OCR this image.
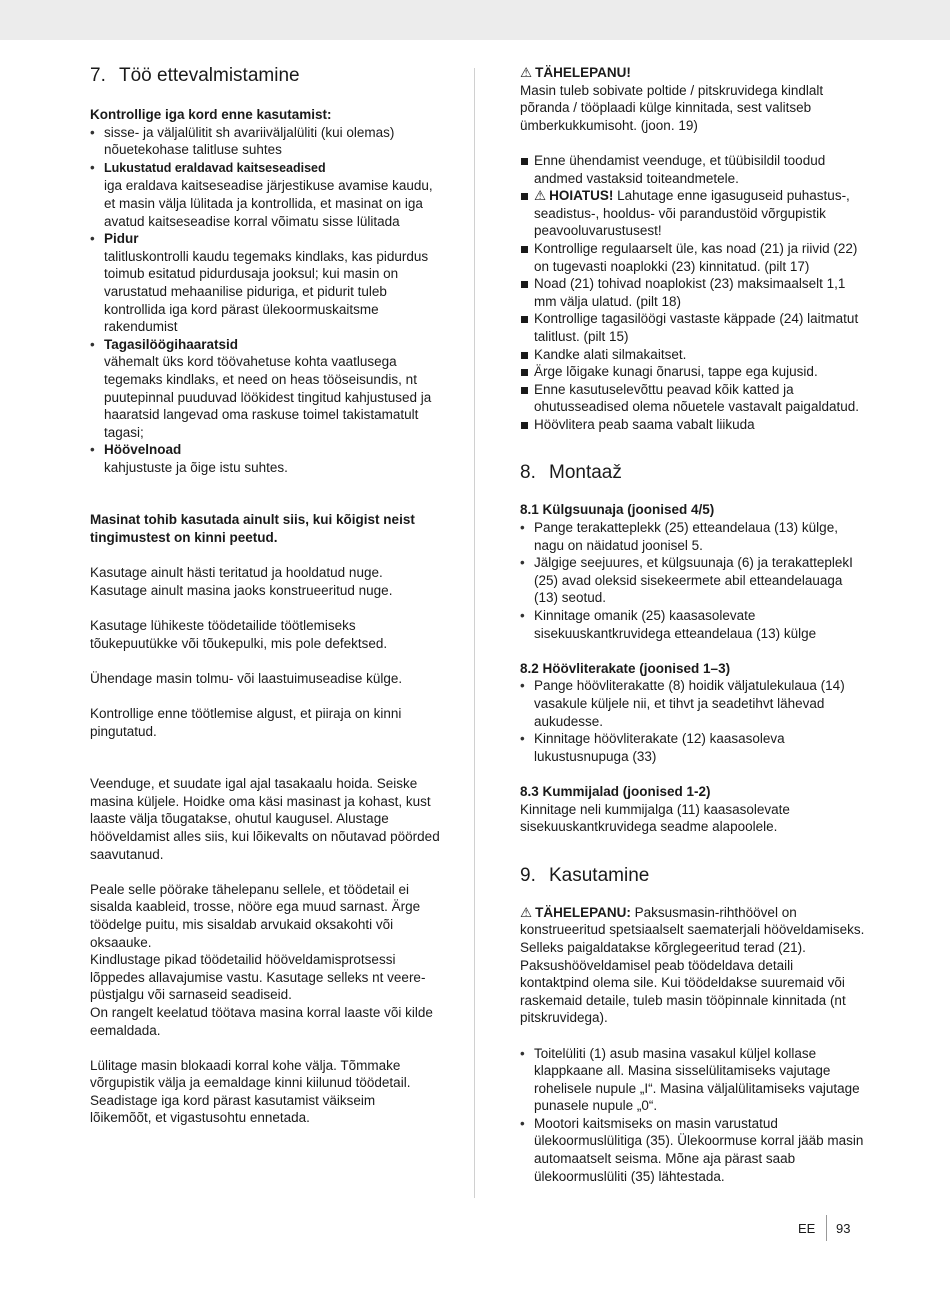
7. Töö ettevalmistamine

Kontrollige iga kord enne kasutamist:

• sisse- ja väljalülitit sh avariiväljalüliti (kui olemas) nõuetekohase talitluse suhtes
• Lukustatud eraldavad kaitseseadised
iga eraldava kaitseseadise järjestikuse avamise kaudu, et masin välja lülitada ja kontrollida, et masinat on iga avatud kaitseseadise korral võimatu sisse lülitada
• Pidur
talitluskontrolli kaudu tegemaks kindlaks, kas pidurdus toimub esitatud pidurdusaja jooksul; kui masin on varustatud mehaanilise piduriga, et pidurit tuleb kontrollida iga kord pärast ülekoormuskaitsme rakendumist
• Tagasilöögihaaratsid
vähemalt üks kord töövahetuse kohta vaatlusega tegemaks kindlaks, et need on heas tööseisundis, nt puutepinnal puuduvad löökidest tingitud kahjustused ja haaratsid langevad oma raskuse toimel takistamatult tagasi;
• Höövelnoad
kahjustuste ja õige istu suhtes.

Masinat tohib kasutada ainult siis, kui kõigist neist tingimustest on kinni peetud.

Kasutage ainult hästi teritatud ja hooldatud nuge. Kasutage ainult masina jaoks konstrueeritud nuge.

Kasutage lühikeste töödetailide töötlemiseks tõukepuutükke või tõukepulki, mis pole defektsed.

Ühendage masin tolmu- või laastuimuseadise külge.

Kontrollige enne töötlemise algust, et piiraja on kinni pingutatud.

Veenduge, et suudate igal ajal tasakaalu hoida. Seiske masina küljele. Hoidke oma käsi masinast ja kohast, kust laaste välja tõugatakse, ohutul kaugusel. Alustage hööveldamist alles siis, kui lõikevalts on nõutavad pöörded saavutanud.

Peale selle pöörake tähelepanu sellele, et töödetail ei sisalda kaableid, trosse, nööre ega muud sarnast. Ärge töödelge puitu, mis sisaldab arvukaid oksakohti või oksaauke.

Kindlustage pikad töödetailid hööveldamisprotsessi lõppedes allavajumise vastu. Kasutage selleks nt veere-püstjalgu või sarnaseid seadiseid.

On rangelt keelatud töötava masina korral laaste või kilde eemaldada.

Lülitage masin blokaadi korral kohe välja. Tõmmake võrgupistik välja ja eemaldage kinni kiilunud töödetail. Seadistage iga kord pärast kasutamist väikseim lõikemõõt, et vigastusohtu ennetada.

⚠ TÄHELEPANU!
Masin tuleb sobivate poltide / pitskruvidega kindlalt põranda / tööplaadi külge kinnitada, sest valitseb ümberkukkumisoht. (joon. 19)

Enne ühendamist veenduge, et tüübisildil toodud andmed vastaksid toiteandmetele.
⚠ HOIATUS! Lahutage enne igasuguseid puhastus-, seadistus-, hooldus- või parandustöid võrgupistik peavooluvarustusest!
Kontrollige regulaarselt üle, kas noad (21) ja riivid (22) on tugevasti noaplokki (23) kinnitatud. (pilt 17)
Noad (21) tohivad noaplokist (23) maksimaalselt 1,1 mm välja ulatud. (pilt 18)
Kontrollige tagasilöögi vastaste käppade (24) laitmatut talitlust. (pilt 15)
Kandke alati silmakaitset.
Ärge lõigake kunagi õnarusi, tappe ega kujusid.
Enne kasutuselevõttu peavad kõik katted ja ohutusseadised olema nõuetele vastavalt paigaldatud.
Höövlitera peab saama vabalt liikuda
8. Montaaž

8.1 Külgsuunaja (joonised 4/5)

• Pange terakatteplekk (25) etteandelaua (13) külge, nagu on näidatud joonisel 5.
• Jälgige seejuures, et külgsuunaja (6) ja terakatteplekI (25) avad oleksid sisekeermete abil etteandelauaga (13) seotud.
• Kinnitage omanik (25) kaasasolevate sisekuuskantkruvidega etteandelaua (13) külge

8.2 Höövliterakate (joonised 1–3)

• Pange höövliterakatte (8) hoidik väljatulekulaua (14) vasakule küljele nii, et tihvt ja seadetihvt lähevad aukudesse.
• Kinnitage höövliterakate (12) kaasasoleva lukustusnupuga (33)

8.3 Kummijalad (joonised 1-2)

Kinnitage neli kummijalga (11) kaasasolevate sisekuuskantkruvidega seadme alapoolele.

9. Kasutamine

⚠ TÄHELEPANU: Paksusmasin-rihthöövel on konstrueeritud spetsiaalselt saematerjali hööveldamiseks. Selleks paigaldatakse kõrglegeeritud terad (21). Paksushööveldamisel peab töödeldava detaili kontaktpind olema sile. Kui töödeldakse suuremaid või raskemaid detaile, tuleb masin tööpinnale kinnitada (nt pitskruvidega).

• Toitelüliti (1) asub masina vasakul küljel kollase klappkaane all. Masina sisselülitamiseks vajutage rohelisele nupule „I“. Masina väljalülitamiseks vajutage punasele nupule „0“.
• Mootori kaitsmiseks on masin varustatud ülekoormuslülitiga (35). Ülekoormuse korral jääb masin automaatselt seisma. Mõne aja pärast saab ülekoormuslüliti (35) lähtestada.
EE 93
